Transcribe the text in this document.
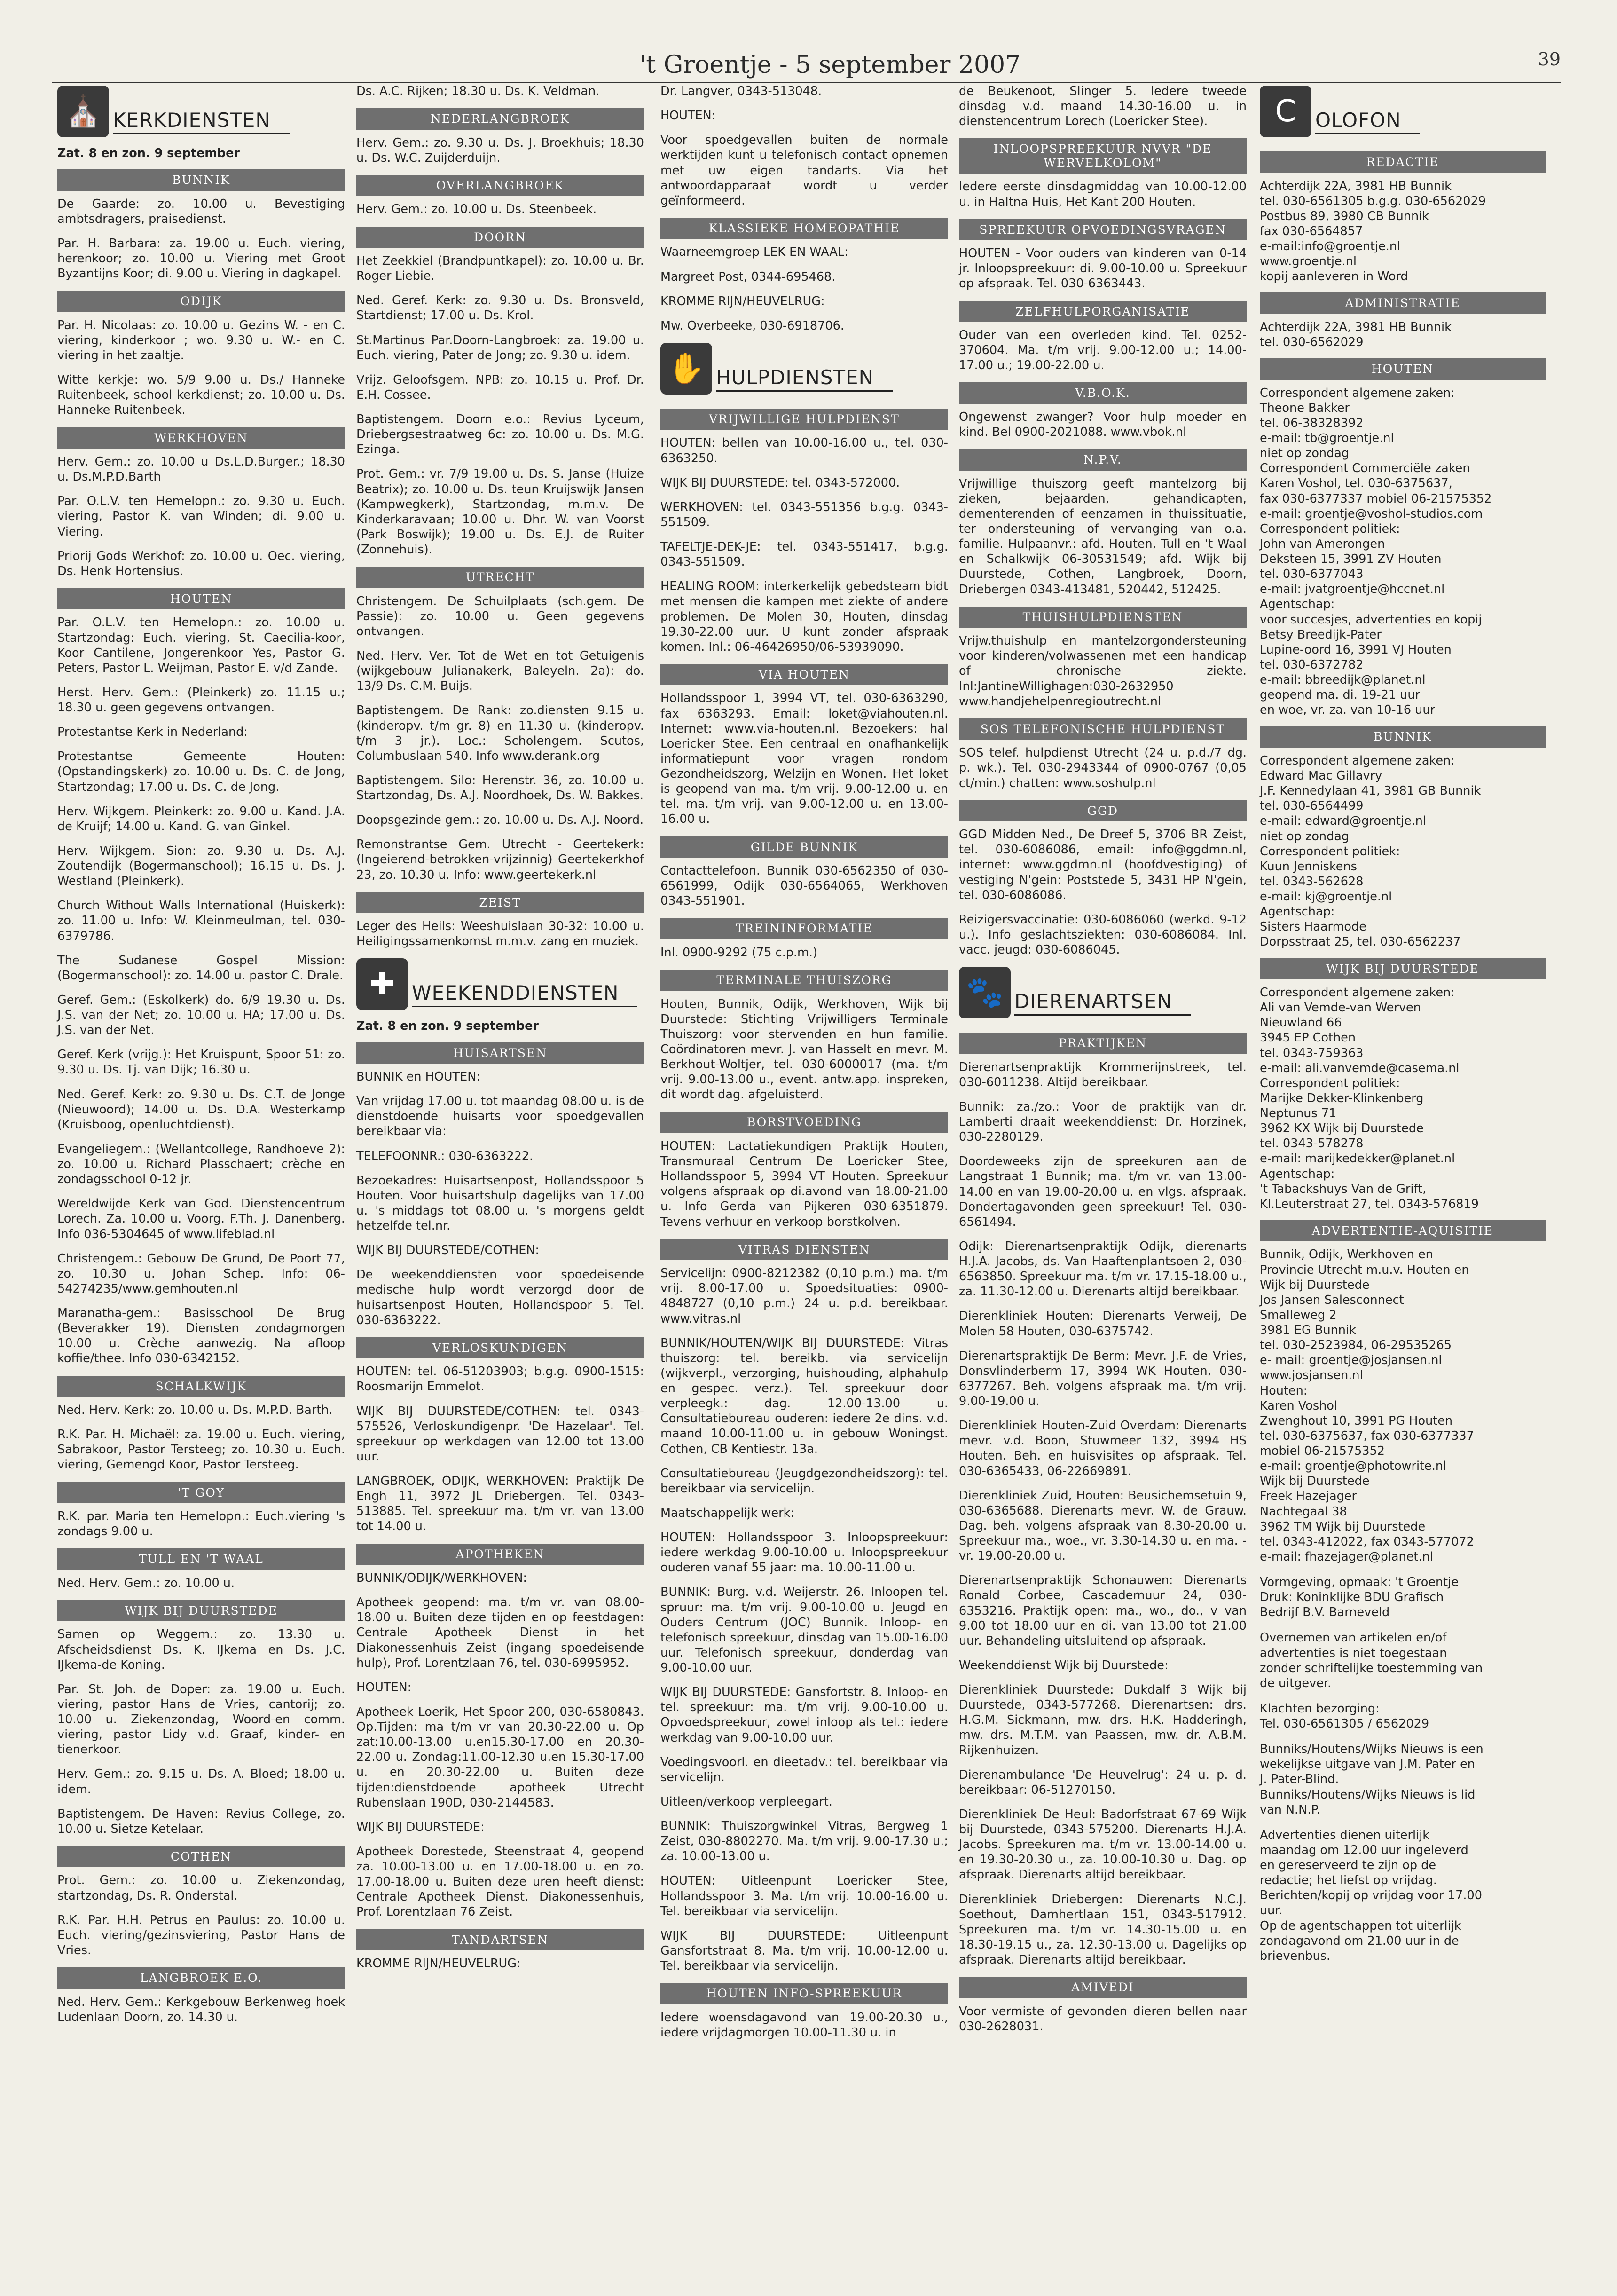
't Groentje - 5 september 2007	39
⛪ KERKDIENSTEN
Zat. 8 en zon. 9 september
BUNNIK
De Gaarde: zo. 10.00 u. Bevestiging ambtsdragers, praisedienst.
Par. H. Barbara: za. 19.00 u. Euch. viering, herenkoor; zo. 10.00 u. Viering met Groot Byzantijns Koor; di. 9.00 u. Viering in dagkapel.
ODIJK
Par. H. Nicolaas: zo. 10.00 u. Gezins W. - en C. viering, kinderkoor ; wo. 9.30 u. W.- en C. viering in het zaaltje.
Witte kerkje: wo. 5/9 9.00 u. Ds./ Hanneke Ruitenbeek, school kerkdienst; zo. 10.00 u. Ds. Hanneke Ruitenbeek.
WERKHOVEN
Herv. Gem.: zo. 10.00 u Ds.L.D.Burger.; 18.30 u. Ds.M.P.D.Barth
Par. O.L.V. ten Hemelopn.: zo. 9.30 u. Euch. viering, Pastor K. van Winden; di. 9.00 u. Viering.
Priorij Gods Werkhof: zo. 10.00 u. Oec. viering, Ds. Henk Hortensius.
HOUTEN
Par. O.L.V. ten Hemelopn.: zo. 10.00 u. Startzondag: Euch. viering, St. Caecilia-koor, Koor Cantilene, Jongerenkoor Yes, Pastor G. Peters, Pastor L. Weijman, Pastor E. v/d Zande.
Herst. Herv. Gem.: (Pleinkerk) zo. 11.15 u.; 18.30 u. geen gegevens ontvangen.
Protestantse Kerk in Nederland:
Protestantse Gemeente Houten: (Opstandingskerk) zo. 10.00 u. Ds. C. de Jong, Startzondag; 17.00 u. Ds. C. de Jong.
Herv. Wijkgem. Pleinkerk: zo. 9.00 u. Kand. J.A. de Kruijf; 14.00 u. Kand. G. van Ginkel.
Herv. Wijkgem. Sion: zo. 9.30 u. Ds. A.J. Zoutendijk (Bogermanschool); 16.15 u. Ds. J. Westland (Pleinkerk).
Church Without Walls International (Huiskerk): zo. 11.00 u. Info: W. Kleinmeulman, tel. 030-6379786.
The Sudanese Gospel Mission: (Bogermanschool): zo. 14.00 u. pastor C. Drale.
Geref. Gem.: (Eskolkerk) do. 6/9 19.30 u. Ds. J.S. van der Net; zo. 10.00 u. HA; 17.00 u. Ds. J.S. van der Net.
Geref. Kerk (vrijg.): Het Kruispunt, Spoor 51: zo. 9.30 u. Ds. Tj. van Dijk; 16.30 u.
Ned. Geref. Kerk: zo. 9.30 u. Ds. C.T. de Jonge (Nieuwoord); 14.00 u. Ds. D.A. Westerkamp (Kruisboog, openluchtdienst).
Evangeliegem.: (Wellantcollege, Randhoeve 2): zo. 10.00 u. Richard Plasschaert; crèche en zondagsschool 0-12 jr.
Wereldwijde Kerk van God. Dienstencentrum Lorech. Za. 10.00 u. Voorg. F.Th. J. Danenberg. Info 036-5304645 of www.lifeblad.nl
Christengem.: Gebouw De Grund, De Poort 77, zo. 10.30 u. Johan Schep. Info: 06-54274235/www.gemhouten.nl
Maranatha-gem.: Basisschool De Brug (Beverakker 19). Diensten zondagmorgen 10.00 u. Crèche aanwezig. Na afloop koffie/thee. Info 030-6342152.
SCHALKWIJK
Ned. Herv. Kerk: zo. 10.00 u. Ds. M.P.D. Barth.
R.K. Par. H. Michaël: za. 19.00 u. Euch. viering, Sabrakoor, Pastor Tersteeg; zo. 10.30 u. Euch. viering, Gemengd Koor, Pastor Tersteeg.
'T GOY
R.K. par. Maria ten Hemelopn.: Euch.viering 's zondags 9.00 u.
TULL EN 'T WAAL
Ned. Herv. Gem.: zo. 10.00 u.
WIJK BIJ DUURSTEDE
Samen op Weggem.: zo. 13.30 u. Afscheidsdienst Ds. K. IJkema en Ds. J.C. IJkema-de Koning.
Par. St. Joh. de Doper: za. 19.00 u. Euch. viering, pastor Hans de Vries, cantorij; zo. 10.00 u. Ziekenzondag, Woord-en comm. viering, pastor Lidy v.d. Graaf, kinder- en tienerkoor.
Herv. Gem.: zo. 9.15 u. Ds. A. Bloed; 18.00 u. idem.
Baptistengem. De Haven: Revius College, zo. 10.00 u. Sietze Ketelaar.
COTHEN
Prot. Gem.: zo. 10.00 u. Ziekenzondag, startzondag, Ds. R. Onderstal.
R.K. Par. H.H. Petrus en Paulus: zo. 10.00 u. Euch. viering/gezinsviering, Pastor Hans de Vries.
LANGBROEK E.O.
Ned. Herv. Gem.: Kerkgebouw Berkenweg hoek Ludenlaan Doorn, zo. 14.30 u.
Ds. A.C. Rijken; 18.30 u. Ds. K. Veldman.
NEDERLANGBROEK
Herv. Gem.: zo. 9.30 u. Ds. J. Broekhuis; 18.30 u. Ds. W.C. Zuijderduijn.
OVERLANGBROEK
Herv. Gem.: zo. 10.00 u. Ds. Steenbeek.
DOORN
Het Zeekkiel (Brandpuntkapel): zo. 10.00 u. Br. Roger Liebie.
Ned. Geref. Kerk: zo. 9.30 u. Ds. Bronsveld, Startdienst; 17.00 u. Ds. Krol.
St.Martinus Par.Doorn-Langbroek: za. 19.00 u. Euch. viering, Pater de Jong; zo. 9.30 u. idem.
Vrijz. Geloofsgem. NPB: zo. 10.15 u. Prof. Dr. E.H. Cossee.
Baptistengem. Doorn e.o.: Revius Lyceum, Driebergsestraatweg 6c: zo. 10.00 u. Ds. M.G. Ezinga.
Prot. Gem.: vr. 7/9 19.00 u. Ds. S. Janse (Huize Beatrix); zo. 10.00 u. Ds. teun Kruijswijk Jansen (Kampwegkerk), Startzondag, m.m.v. De Kinderkaravaan; 10.00 u. Dhr. W. van Voorst (Park Boswijk); 19.00 u. Ds. E.J. de Ruiter (Zonnehuis).
UTRECHT
Christengem. De Schuilplaats (sch.gem. De Passie): zo. 10.00 u. Geen gegevens ontvangen.
Ned. Herv. Ver. Tot de Wet en tot Getuigenis (wijkgebouw Julianakerk, Baleyeln. 2a): do. 13/9 Ds. C.M. Buijs.
Baptistengem. De Rank: zo.diensten 9.15 u. (kinderopv. t/m gr. 8) en 11.30 u. (kinderopv. t/m 3 jr.). Loc.: Scholengem. Scutos, Columbuslaan 540. Info www.derank.org
Baptistengem. Silo: Herenstr. 36, zo. 10.00 u. Startzondag, Ds. A.J. Noordhoek, Ds. W. Bakkes.
Doopsgezinde gem.: zo. 10.00 u. Ds. A.J. Noord.
Remonstrantse Gem. Utrecht - Geertekerk: (Ingeierend-betrokken-vrijzinnig) Geertekerkhof 23, zo. 10.30 u. Info: www.geertekerk.nl
ZEIST
Leger des Heils: Weeshuislaan 30-32: 10.00 u. Heiligingssamenkomst m.m.v. zang en muziek.
✚ WEEKENDDIENSTEN
Zat. 8 en zon. 9 september
HUISARTSEN
BUNNIK en HOUTEN:
Van vrijdag 17.00 u. tot maandag 08.00 u. is de dienstdoende huisarts voor spoedgevallen bereikbaar via:
TELEFOONNR.: 030-6363222.
Bezoekadres: Huisartsenpost, Hollandsspoor 5 Houten. Voor huisartshulp dagelijks van 17.00 u. 's middags tot 08.00 u. 's morgens geldt hetzelfde tel.nr.
WIJK BIJ DUURSTEDE/COTHEN:
De weekenddiensten voor spoedeisende medische hulp wordt verzorgd door de huisartsenpost Houten, Hollandspoor 5. Tel. 030-6363222.
VERLOSKUNDIGEN
HOUTEN: tel. 06-51203903; b.g.g. 0900-1515: Roosmarijn Emmelot.
WIJK BIJ DUURSTEDE/COTHEN: tel. 0343-575526, Verloskundigenpr. 'De Hazelaar'. Tel. spreekuur op werkdagen van 12.00 tot 13.00 uur.
LANGBROEK, ODIJK, WERKHOVEN: Praktijk De Engh 11, 3972 JL Driebergen. Tel. 0343-513885. Tel. spreekuur ma. t/m vr. van 13.00 tot 14.00 u.
APOTHEKEN
BUNNIK/ODIJK/WERKHOVEN:
Apotheek geopend: ma. t/m vr. van 08.00-18.00 u. Buiten deze tijden en op feestdagen: Centrale Apotheek Dienst in het Diakonessenhuis Zeist (ingang spoedeisende hulp), Prof. Lorentzlaan 76, tel. 030-6995952.
HOUTEN:
Apotheek Loerik, Het Spoor 200, 030-6580843. Op.Tijden: ma t/m vr van 20.30-22.00 u. Op zat:10.00-13.00 u.en15.30-17.00 en 20.30-22.00 u. Zondag:11.00-12.30 u.en 15.30-17.00 u. en 20.30-22.00 u. Buiten deze tijden:dienstdoende apotheek Utrecht Rubenslaan 190D, 030-2144583.
WIJK BIJ DUURSTEDE:
Apotheek Dorestede, Steenstraat 4, geopend za. 10.00-13.00 u. en 17.00-18.00 u. en zo. 17.00-18.00 u. Buiten deze uren heeft dienst: Centrale Apotheek Dienst, Diakonessenhuis, Prof. Lorentzlaan 76 Zeist.
TANDARTSEN
KROMME RIJN/HEUVELRUG:
Dr. Langver, 0343-513048.
HOUTEN:
Voor spoedgevallen buiten de normale werktijden kunt u telefonisch contact opnemen met uw eigen tandarts. Via het antwoordapparaat wordt u verder geïnformeerd.
KLASSIEKE HOMEOPATHIE
Waarneemgroep LEK EN WAAL:
Margreet Post, 0344-695468.
KROMME RIJN/HEUVELRUG:
Mw. Overbeeke, 030-6918706.
✋ HULPDIENSTEN
VRIJWILLIGE HULPDIENST
HOUTEN: bellen van 10.00-16.00 u., tel. 030-6363250.
WIJK BIJ DUURSTEDE: tel. 0343-572000.
WERKHOVEN: tel. 0343-551356 b.g.g. 0343-551509.
TAFELTJE-DEK-JE: tel. 0343-551417, b.g.g. 0343-551509.
HEALING ROOM: interkerkelijk gebedsteam bidt met mensen die kampen met ziekte of andere problemen. De Molen 30, Houten, dinsdag 19.30-22.00 uur. U kunt zonder afspraak komen. Inl.: 06-46426950/06-53939090.
VIA HOUTEN
Hollandsspoor 1, 3994 VT, tel. 030-6363290, fax 6363293. Email: loket@viahouten.nl. Internet: www.via-houten.nl. Bezoekers: hal Loericker Stee. Een centraal en onafhankelijk informatiepunt voor vragen rondom Gezondheidszorg, Welzijn en Wonen. Het loket is geopend van ma. t/m vrij. 9.00-12.00 u. en tel. ma. t/m vrij. van 9.00-12.00 u. en 13.00-16.00 u.
GILDE BUNNIK
Contacttelefoon. Bunnik 030-6562350 of 030-6561999, Odijk 030-6564065, Werkhoven 0343-551901.
TREININFORMATIE
Inl. 0900-9292 (75 c.p.m.)
TERMINALE THUISZORG
Houten, Bunnik, Odijk, Werkhoven, Wijk bij Duurstede: Stichting Vrijwilligers Terminale Thuiszorg: voor stervenden en hun familie. Coördinatoren mevr. J. van Hasselt en mevr. M. Berkhout-Woltjer, tel. 030-6000017 (ma. t/m vrij. 9.00-13.00 u., event. antw.app. inspreken, dit wordt dag. afgeluisterd.
BORSTVOEDING
HOUTEN: Lactatiekundigen Praktijk Houten, Transmuraal Centrum De Loericker Stee, Hollandsspoor 5, 3994 VT Houten. Spreekuur volgens afspraak op di.avond van 18.00-21.00 u. Info Gerda van Pijkeren 030-6351879. Tevens verhuur en verkoop borstkolven.
VITRAS DIENSTEN
Servicelijn: 0900-8212382 (0,10 p.m.) ma. t/m vrij. 8.00-17.00 u. Spoedsituaties: 0900-4848727 (0,10 p.m.) 24 u. p.d. bereikbaar. www.vitras.nl
BUNNIK/HOUTEN/WIJK BIJ DUURSTEDE: Vitras thuiszorg: tel. bereikb. via servicelijn (wijkverpl., verzorging, huishouding, alphahulp en gespec. verz.). Tel. spreekuur door verpleegk.: dag. 12.00-13.00 u. Consultatiebureau ouderen: iedere 2e dins. v.d. maand 10.00-11.00 u. in gebouw Woningst. Cothen, CB Kentiestr. 13a.
Consultatiebureau (Jeugdgezondheidszorg): tel. bereikbaar via servicelijn.
Maatschappelijk werk:
HOUTEN: Hollandsspoor 3. Inloopspreekuur: iedere werkdag 9.00-10.00 u. Inloopspreekuur ouderen vanaf 55 jaar: ma. 10.00-11.00 u.
BUNNIK: Burg. v.d. Weijerstr. 26. Inloopen tel. spruur: ma. t/m vrij. 9.00-10.00 u. Jeugd en Ouders Centrum (JOC) Bunnik. Inloop- en telefonisch spreekuur, dinsdag van 15.00-16.00 uur. Telefonisch spreekuur, donderdag van 9.00-10.00 uur.
WIJK BIJ DUURSTEDE: Gansfortstr. 8. Inloop- en tel. spreekuur: ma. t/m vrij. 9.00-10.00 u. Opvoedspreekuur, zowel inloop als tel.: iedere werkdag van 9.00-10.00 uur.
Voedingsvoorl. en dieetadv.: tel. bereikbaar via servicelijn.
Uitleen/verkoop verpleegart.
BUNNIK: Thuiszorgwinkel Vitras, Bergweg 1 Zeist, 030-8802270. Ma. t/m vrij. 9.00-17.30 u.; za. 10.00-13.00 u.
HOUTEN: Uitleenpunt Loericker Stee, Hollandsspoor 3. Ma. t/m vrij. 10.00-16.00 u. Tel. bereikbaar via servicelijn.
WIJK BIJ DUURSTEDE: Uitleenpunt Gansfortstraat 8. Ma. t/m vrij. 10.00-12.00 u. Tel. bereikbaar via servicelijn.
HOUTEN INFO-SPREEKUUR
Iedere woensdagavond van 19.00-20.30 u., iedere vrijdagmorgen 10.00-11.30 u. in
de Beukenoot, Slinger 5. Iedere tweede dinsdag v.d. maand 14.30-16.00 u. in dienstencentrum Lorech (Loericker Stee).
INLOOPSPREEKUUR NVVR "DE WERVELKOLOM"
Iedere eerste dinsdagmiddag van 10.00-12.00 u. in Haltna Huis, Het Kant 200 Houten.
SPREEKUUR OPVOEDINGSVRAGEN
HOUTEN - Voor ouders van kinderen van 0-14 jr. Inloopspreekuur: di. 9.00-10.00 u. Spreekuur op afspraak. Tel. 030-6363443.
ZELFHULPORGANISATIE
Ouder van een overleden kind. Tel. 0252-370604. Ma. t/m vrij. 9.00-12.00 u.; 14.00-17.00 u.; 19.00-22.00 u.
V.B.O.K.
Ongewenst zwanger? Voor hulp moeder en kind. Bel 0900-2021088. www.vbok.nl
N.P.V.
Vrijwillige thuiszorg geeft mantelzorg bij zieken, bejaarden, gehandicapten, dementerenden of eenzamen in thuissituatie, ter ondersteuning of vervanging van o.a. familie. Hulpaanvr.: afd. Houten, Tull en 't Waal en Schalkwijk 06-30531549; afd. Wijk bij Duurstede, Cothen, Langbroek, Doorn, Driebergen 0343-413481, 520442, 512425.
THUISHULPDIENSTEN
Vrijw.thuishulp en mantelzorgondersteuning voor kinderen/volwassenen met een handicap of chronische ziekte. Inl:JantineWillighagen:030-2632950 www.handjehelpenregioutrecht.nl
SOS TELEFONISCHE HULPDIENST
SOS telef. hulpdienst Utrecht (24 u. p.d./7 dg. p. wk.). Tel. 030-2943344 of 0900-0767 (0,05 ct/min.) chatten: www.soshulp.nl
GGD
GGD Midden Ned., De Dreef 5, 3706 BR Zeist, tel. 030-6086086, email: info@ggdmn.nl, internet: www.ggdmn.nl (hoofdvestiging) of vestiging N'gein: Poststede 5, 3431 HP N'gein, tel. 030-6086086.
Reizigersvaccinatie: 030-6086060 (werkd. 9-12 u.). Info geslachtsziekten: 030-6086084. Inl. vacc. jeugd: 030-6086045.
🐾 DIERENARTSEN
PRAKTIJKEN
Dierenartsenpraktijk Krommerijnstreek, tel. 030-6011238. Altijd bereikbaar.
Bunnik: za./zo.: Voor de praktijk van dr. Lamberti draait weekenddienst: Dr. Horzinek, 030-2280129.
Doordeweeks zijn de spreekuren aan de Langstraat 1 Bunnik; ma. t/m vr. van 13.00-14.00 en van 19.00-20.00 u. en vlgs. afspraak. Dondertagavonden geen spreekuur! Tel. 030-6561494.
Odijk: Dierenartsenpraktijk Odijk, dierenarts H.J.A. Jacobs, ds. Van Haaftenplantsoen 2, 030-6563850. Spreekuur ma. t/m vr. 17.15-18.00 u., za. 11.30-12.00 u. Dierenarts altijd bereikbaar.
Dierenkliniek Houten: Dierenarts Verweij, De Molen 58 Houten, 030-6375742.
Dierenartspraktijk De Berm: Mevr. J.F. de Vries, Donsvlinderberm 17, 3994 WK Houten, 030-6377267. Beh. volgens afspraak ma. t/m vrij. 9.00-19.00 u.
Dierenkliniek Houten-Zuid Overdam: Dierenarts mevr. v.d. Boon, Stuwmeer 132, 3994 HS Houten. Beh. en huisvisites op afspraak. Tel. 030-6365433, 06-22669891.
Dierenkliniek Zuid, Houten: Beusichemsetuin 9, 030-6365688. Dierenarts mevr. W. de Grauw. Dag. beh. volgens afspraak van 8.30-20.00 u. Spreekuur ma., woe., vr. 3.30-14.30 u. en ma. - vr. 19.00-20.00 u.
Dierenartsenpraktijk Schonauwen: Dierenarts Ronald Corbee, Cascademuur 24, 030-6353216. Praktijk open: ma., wo., do., v van 9.00 tot 18.00 uur en di. van 13.00 tot 21.00 uur. Behandeling uitsluitend op afspraak.
Weekenddienst Wijk bij Duurstede:
Dierenkliniek Duurstede: Dukdalf 3 Wijk bij Duurstede, 0343-577268. Dierenartsen: drs. H.G.M. Sickmann, mw. drs. H.K. Hadderingh, mw. drs. M.T.M. van Paassen, mw. dr. A.B.M. Rijkenhuizen.
Dierenambulance 'De Heuvelrug': 24 u. p. d. bereikbaar: 06-51270150.
Dierenkliniek De Heul: Badorfstraat 67-69 Wijk bij Duurstede, 0343-575200. Dierenarts H.J.A. Jacobs. Spreekuren ma. t/m vr. 13.00-14.00 u. en 19.30-20.30 u., za. 10.00-10.30 u. Dag. op afspraak. Dierenarts altijd bereikbaar.
Dierenkliniek Driebergen: Dierenarts N.C.J. Soethout, Damhertlaan 151, 0343-517912. Spreekuren ma. t/m vr. 14.30-15.00 u. en 18.30-19.15 u., za. 12.30-13.00 u. Dagelijks op afspraak. Dierenarts altijd bereikbaar.
AMIVEDI
Voor vermiste of gevonden dieren bellen naar 030-2628031.
C OLOFON
REDACTIE
Achterdijk 22A, 3981 HB Bunnik
tel. 030-6561305 b.g.g. 030-6562029
Postbus 89, 3980 CB Bunnik
fax 030-6564857
e-mail:info@groentje.nl
www.groentje.nl
kopij aanleveren in Word
ADMINISTRATIE
Achterdijk 22A, 3981 HB Bunnik
tel. 030-6562029
HOUTEN
Correspondent algemene zaken:
Theone Bakker
tel. 06-38328392
e-mail: tb@groentje.nl
niet op zondag
Correspondent Commerciële zaken
Karen Voshol, tel. 030-6375637,
fax 030-6377337 mobiel 06-21575352
e-mail: groentje@voshol-studios.com
Correspondent politiek:
John van Amerongen
Deksteen 15, 3991 ZV Houten
tel. 030-6377043
e-mail: jvatgroentje@hccnet.nl
Agentschap:
voor succesjes, advertenties en kopij
Betsy Breedijk-Pater
Lupine-oord 16, 3991 VJ Houten
tel. 030-6372782
e-mail: bbreedijk@planet.nl
geopend ma. di. 19-21 uur
en woe, vr. za. van 10-16 uur
BUNNIK
Correspondent algemene zaken:
Edward Mac Gillavry
J.F. Kennedylaan 41, 3981 GB Bunnik
tel. 030-6564499
e-mail: edward@groentje.nl
niet op zondag
Correspondent politiek:
Kuun Jenniskens
tel. 0343-562628
e-mail: kj@groentje.nl
Agentschap:
Sisters Haarmode
Dorpsstraat 25, tel. 030-6562237
WIJK BIJ DUURSTEDE
Correspondent algemene zaken:
Ali van Vemde-van Werven
Nieuwland 66
3945 EP Cothen
tel. 0343-759363
e-mail: ali.vanvemde@casema.nl
Correspondent politiek:
Marijke Dekker-Klinkenberg
Neptunus 71
3962 KX Wijk bij Duurstede
tel. 0343-578278
e-mail: marijkedekker@planet.nl
Agentschap:
't Tabackshuys Van de Grift,
Kl.Leuterstraat 27, tel. 0343-576819
ADVERTENTIE-AQUISITIE
Bunnik, Odijk, Werkhoven en
Provincie Utrecht m.u.v. Houten en
Wijk bij Duurstede
Jos Jansen Salesconnect
Smalleweg 2
3981 EG Bunnik
tel. 030-2523984, 06-29535265
e- mail: groentje@josjansen.nl
www.josjansen.nl
Houten:
Karen Voshol
Zwenghout 10, 3991 PG Houten
tel. 030-6375637, fax 030-6377337
mobiel 06-21575352
e-mail: groentje@photowrite.nl
Wijk bij Duurstede
Freek Hazejager
Nachtegaal 38
3962 TM Wijk bij Duurstede
tel. 0343-412022, fax 0343-577072
e-mail: fhazejager@planet.nl
Vormgeving, opmaak: 't Groentje
Druk: Koninklijke BDU Grafisch
Bedrijf B.V. Barneveld
Overnemen van artikelen en/of
advertenties is niet toegestaan
zonder schriftelijke toestemming van
de uitgever.
Klachten bezorging:
Tel. 030-6561305 / 6562029
Bunniks/Houtens/Wijks Nieuws is een
wekelijkse uitgave van J.M. Pater en
J. Pater-Blind.
Bunniks/Houtens/Wijks Nieuws is lid
van N.N.P.
Advertenties dienen uiterlijk
maandag om 12.00 uur ingeleverd
en gereserveerd te zijn op de
redactie; het liefst op vrijdag.
Berichten/kopij op vrijdag voor 17.00
uur.
Op de agentschappen tot uiterlijk
zondagavond om 21.00 uur in de
brievenbus.
